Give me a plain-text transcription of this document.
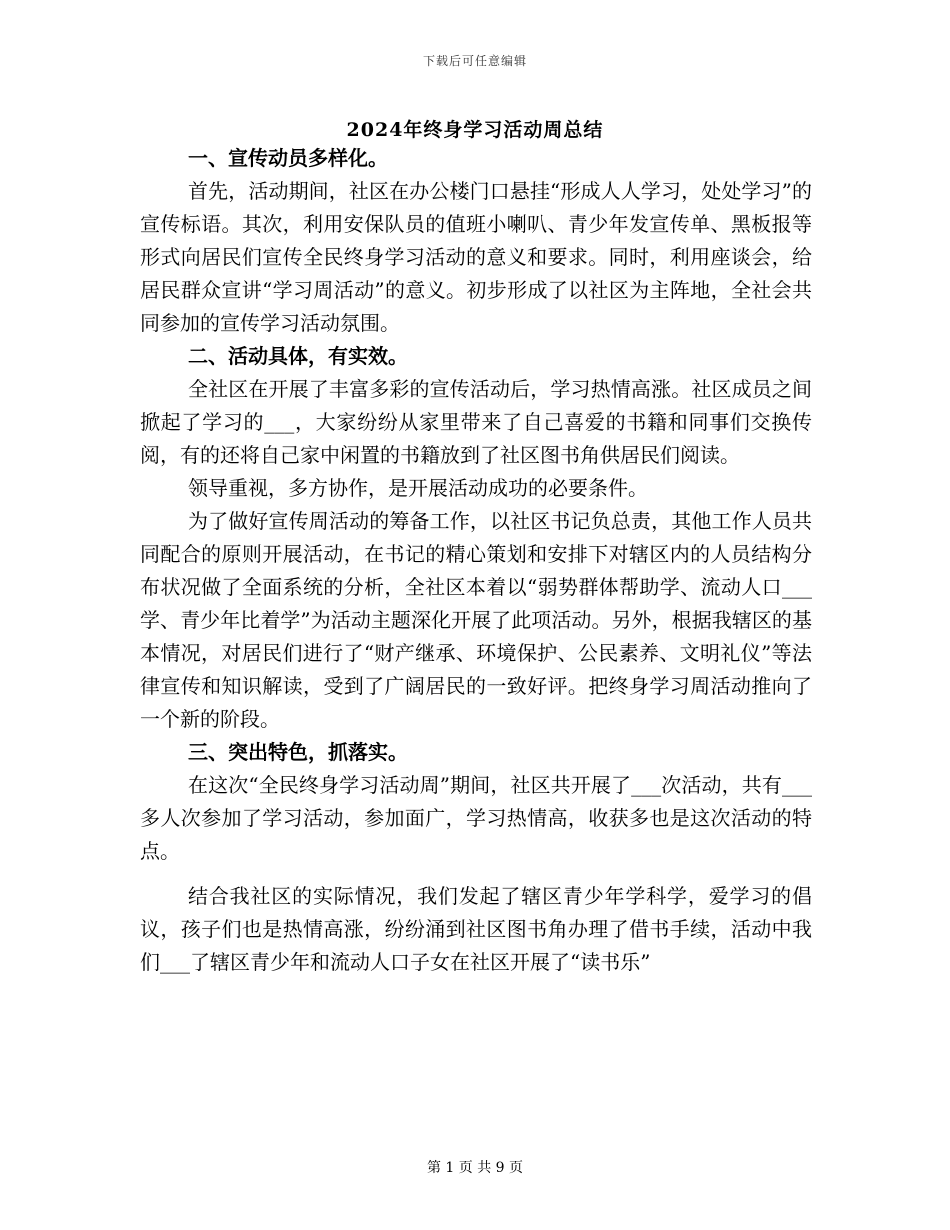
下载后可任意编辑
2024年终身学习活动周总结

一、宣传动员多样化。

首先，活动期间，社区在办公楼门口悬挂“形成人人学习，处处学习”的宣传标语。其次，利用安保队员的值班小喇叭、青少年发宣传单、黑板报等形式向居民们宣传全民终身学习活动的意义和要求。同时，利用座谈会，给居民群众宣讲“学习周活动”的意义。初步形成了以社区为主阵地，全社会共同参加的宣传学习活动氛围。

二、活动具体，有实效。

全社区在开展了丰富多彩的宣传活动后，学习热情高涨。社区成员之间掀起了学习的___，大家纷纷从家里带来了自己喜爱的书籍和同事们交换传阅，有的还将自己家中闲置的书籍放到了社区图书角供居民们阅读。

领导重视，多方协作，是开展活动成功的必要条件。

为了做好宣传周活动的筹备工作，以社区书记负总责，其他工作人员共同配合的原则开展活动，在书记的精心策划和安排下对辖区内的人员结构分布状况做了全面系统的分析，全社区本着以“弱势群体帮助学、流动人口___学、青少年比着学”为活动主题深化开展了此项活动。另外，根据我辖区的基本情况，对居民们进行了“财产继承、环境保护、公民素养、文明礼仪”等法律宣传和知识解读，受到了广阔居民的一致好评。把终身学习周活动推向了一个新的阶段。

三、突出特色，抓落实。

在这次“全民终身学习活动周”期间，社区共开展了___次活动，共有___多人次参加了学习活动，参加面广，学习热情高，收获多也是这次活动的特点。

结合我社区的实际情况，我们发起了辖区青少年学科学，爱学习的倡议，孩子们也是热情高涨，纷纷涌到社区图书角办理了借书手续，活动中我们___了辖区青少年和流动人口子女在社区开展了“读书乐”

第 1 页 共 9 页
